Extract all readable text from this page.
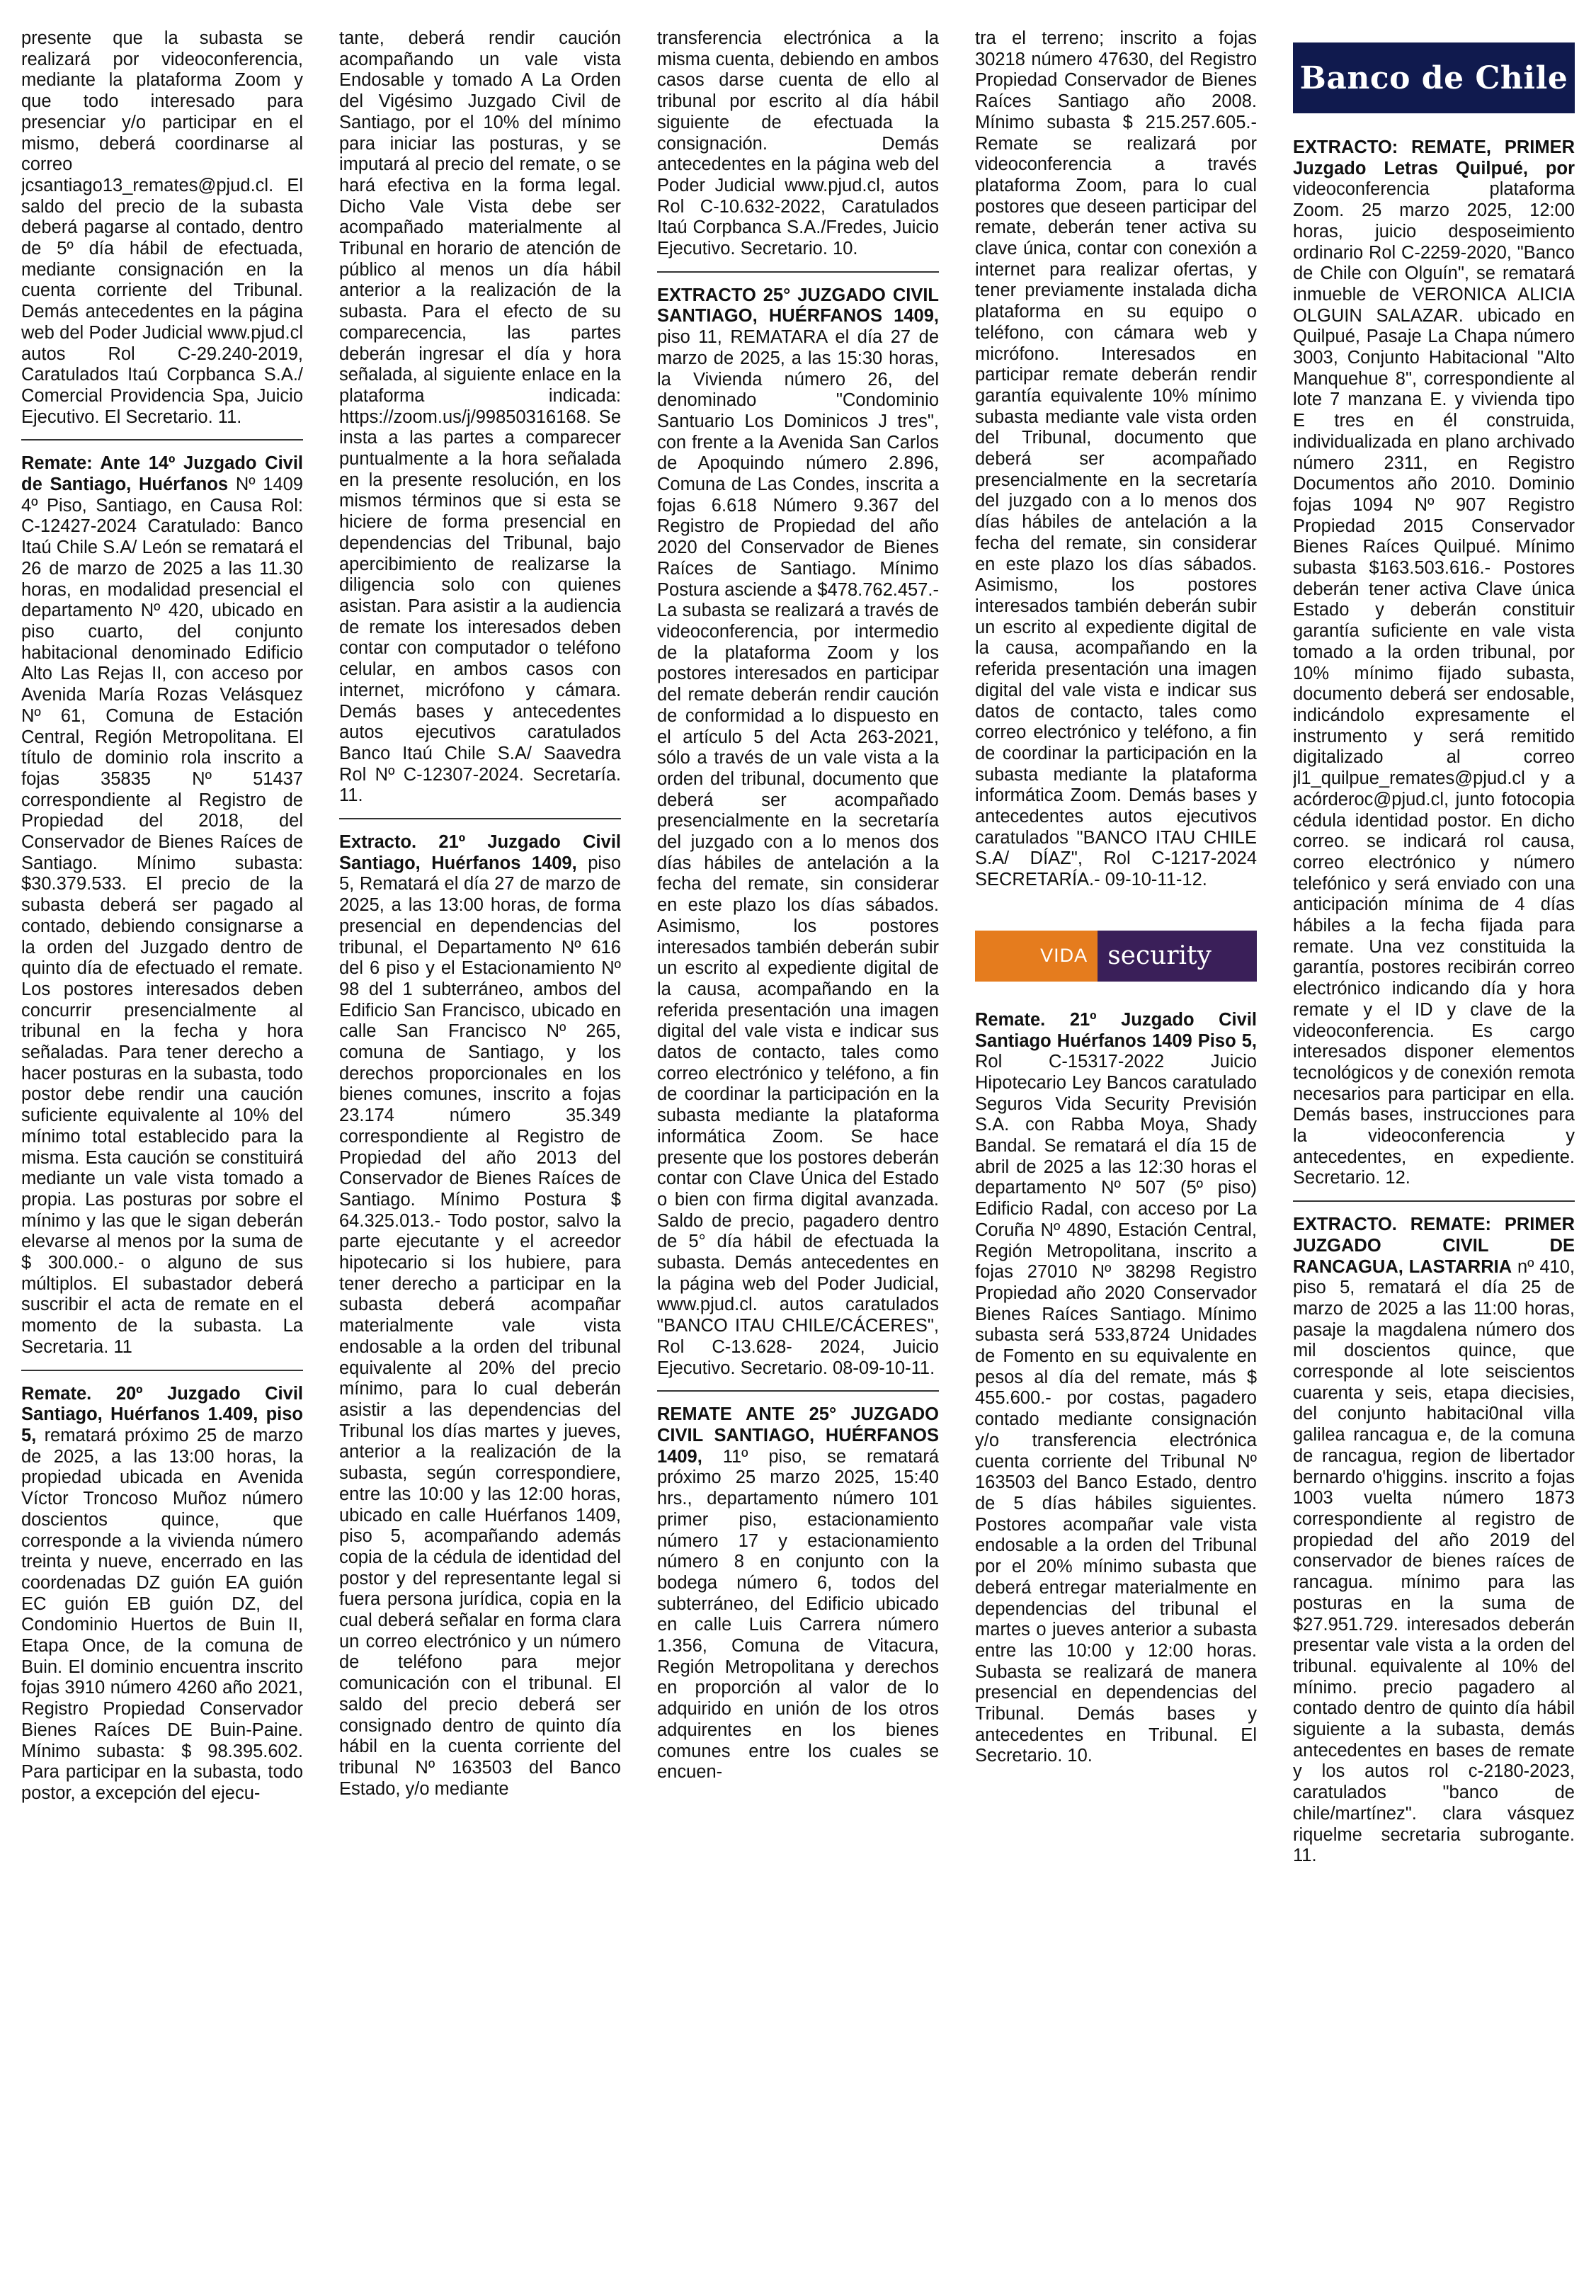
presente que la subasta se realizará por videoconferencia, mediante la plataforma Zoom y que todo interesado para presenciar y/o participar en el mismo, deberá coordinarse al correo jcsantiago13_remates@pjud.cl. El saldo del precio de la subasta deberá pagarse al contado, dentro de 5º día hábil de efectuada, mediante consignación en la cuenta corriente del Tribunal. Demás antecedentes en la página web del Poder Judicial www.pjud.cl autos Rol C-29.240-2019, Caratulados Itaú Corpbanca S.A./ Comercial Providencia Spa, Juicio Ejecutivo. El Secretario. 11.

Remate: Ante 14º Juzgado Civil de Santiago, Huérfanos Nº 1409 4º Piso, Santiago, en Causa Rol: C-12427-2024 Caratulado: Banco Itaú Chile S.A/ León se rematará el 26 de marzo de 2025 a las 11.30 horas, en modalidad presencial el departamento Nº 420, ubicado en piso cuarto, del conjunto habitacional denominado Edificio Alto Las Rejas II, con acceso por Avenida María Rozas Velásquez Nº 61, Comuna de Estación Central, Región Metropolitana. El título de dominio rola inscrito a fojas 35835 Nº 51437 correspondiente al Registro de Propiedad del 2018, del Conservador de Bienes Raíces de Santiago. Mínimo subasta: $30.379.533. El precio de la subasta deberá ser pagado al contado, debiendo consignarse a la orden del Juzgado dentro de quinto día de efectuado el remate. Los postores interesados deben concurrir presencialmente al tribunal en la fecha y hora señaladas. Para tener derecho a hacer posturas en la subasta, todo postor debe rendir una caución suficiente equivalente al 10% del mínimo total establecido para la misma. Esta caución se constituirá mediante un vale vista tomado a propia. Las posturas por sobre el mínimo y las que le sigan deberán elevarse al menos por la suma de $ 300.000.- o alguno de sus múltiplos. El subastador deberá suscribir el acta de remate en el momento de la subasta. La Secretaria. 11

Remate. 20º Juzgado Civil Santiago, Huérfanos 1.409, piso 5, rematará próximo 25 de marzo de 2025, a las 13:00 horas, la propiedad ubicada en Avenida Víctor Troncoso Muñoz número doscientos quince, que corresponde a la vivienda número treinta y nueve, encerrado en las coordenadas DZ guión EA guión EC guión EB guión DZ, del Condominio Huertos de Buin II, Etapa Once, de la comuna de Buin. El dominio encuentra inscrito fojas 3910 número 4260 año 2021, Registro Propiedad Conservador Bienes Raíces DE Buin-Paine. Mínimo subasta: $ 98.395.602. Para participar en la subasta, todo postor, a excepción del ejecu-

tante, deberá rendir caución acompañando un vale vista Endosable y tomado A La Orden del Vigésimo Juzgado Civil de Santiago, por el 10% del mínimo para iniciar las posturas, y se imputará al precio del remate, o se hará efectiva en la forma legal. Dicho Vale Vista debe ser acompañado materialmente al Tribunal en horario de atención de público al menos un día hábil anterior a la realización de la subasta. Para el efecto de su comparecencia, las partes deberán ingresar el día y hora señalada, al siguiente enlace en la plataforma indicada: https://zoom.us/j/99850316168. Se insta a las partes a comparecer puntualmente a la hora señalada en la presente resolución, en los mismos términos que si esta se hiciere de forma presencial en dependencias del Tribunal, bajo apercibimiento de realizarse la diligencia solo con quienes asistan. Para asistir a la audiencia de remate los interesados deben contar con computador o teléfono celular, en ambos casos con internet, micrófono y cámara. Demás bases y antecedentes autos ejecutivos caratulados Banco Itaú Chile S.A/ Saavedra Rol Nº C-12307-2024. Secretaría. 11.

Extracto. 21º Juzgado Civil Santiago, Huérfanos 1409, piso 5, Rematará el día 27 de marzo de 2025, a las 13:00 horas, de forma presencial en dependencias del tribunal, el Departamento Nº 616 del 6 piso y el Estacionamiento Nº 98 del 1 subterráneo, ambos del Edificio San Francisco, ubicado en calle San Francisco Nº 265, comuna de Santiago, y los derechos proporcionales en los bienes comunes, inscrito a fojas 23.174 número 35.349 correspondiente al Registro de Propiedad del año 2013 del Conservador de Bienes Raíces de Santiago. Mínimo Postura $ 64.325.013.- Todo postor, salvo la parte ejecutante y el acreedor hipotecario si los hubiere, para tener derecho a participar en la subasta deberá acompañar materialmente vale vista endosable a la orden del tribunal equivalente al 20% del precio mínimo, para lo cual deberán asistir a las dependencias del Tribunal los días martes y jueves, anterior a la realización de la subasta, según correspondiere, entre las 10:00 y las 12:00 horas, ubicado en calle Huérfanos 1409, piso 5, acompañando además copia de la cédula de identidad del postor y del representante legal si fuera persona jurídica, copia en la cual deberá señalar en forma clara un correo electrónico y un número de teléfono para mejor comunicación con el tribunal. El saldo del precio deberá ser consignado dentro de quinto día hábil en la cuenta corriente del tribunal Nº 163503 del Banco Estado, y/o mediante

transferencia electrónica a la misma cuenta, debiendo en ambos casos darse cuenta de ello al tribunal por escrito al día hábil siguiente de efectuada la consignación. Demás antecedentes en la página web del Poder Judicial www.pjud.cl, autos Rol C-10.632-2022, Caratulados Itaú Corpbanca S.A./Fredes, Juicio Ejecutivo. Secretario. 10.

EXTRACTO 25° JUZGADO CIVIL SANTIAGO, HUÉRFANOS 1409, piso 11, REMATARA el día 27 de marzo de 2025, a las 15:30 horas, la Vivienda número 26, del denominado "Condominio Santuario Los Dominicos J tres", con frente a la Avenida San Carlos de Apoquindo número 2.896, Comuna de Las Condes, inscrita a fojas 6.618 Número 9.367 del Registro de Propiedad del año 2020 del Conservador de Bienes Raíces de Santiago. Mínimo Postura asciende a $478.762.457.- La subasta se realizará a través de videoconferencia, por intermedio de la plataforma Zoom y los postores interesados en participar del remate deberán rendir caución de conformidad a lo dispuesto en el artículo 5 del Acta 263-2021, sólo a través de un vale vista a la orden del tribunal, documento que deberá ser acompañado presencialmente en la secretaría del juzgado con a lo menos dos días hábiles de antelación a la fecha del remate, sin considerar en este plazo los días sábados. Asimismo, los postores interesados también deberán subir un escrito al expediente digital de la causa, acompañando en la referida presentación una imagen digital del vale vista e indicar sus datos de contacto, tales como correo electrónico y teléfono, a fin de coordinar la participación en la subasta mediante la plataforma informática Zoom. Se hace presente que los postores deberán contar con Clave Única del Estado o bien con firma digital avanzada. Saldo de precio, pagadero dentro de 5° día hábil de efectuada la subasta. Demás antecedentes en la página web del Poder Judicial, www.pjud.cl. autos caratulados "BANCO ITAU CHILE/CÁCERES", Rol C-13.628- 2024, Juicio Ejecutivo. Secretario. 08-09-10-11.

REMATE ANTE 25° JUZGADO CIVIL SANTIAGO, HUÉRFANOS 1409, 11º piso, se rematará próximo 25 marzo 2025, 15:40 hrs., departamento número 101 primer piso, estacionamiento número 17 y estacionamiento número 8 en conjunto con la bodega número 6, todos del subterráneo, del Edificio ubicado en calle Luis Carrera número 1.356, Comuna de Vitacura, Región Metropolitana y derechos en proporción al valor de lo adquirido en unión de los otros adquirentes en los bienes comunes entre los cuales se encuen-

tra el terreno; inscrito a fojas 30218 número 47630, del Registro Propiedad Conservador de Bienes Raíces Santiago año 2008. Mínimo subasta $ 215.257.605.- Remate se realizará por videoconferencia a través plataforma Zoom, para lo cual postores que deseen participar del remate, deberán tener activa su clave única, contar con conexión a internet para realizar ofertas, y tener previamente instalada dicha plataforma en su equipo o teléfono, con cámara web y micrófono. Interesados en participar remate deberán rendir garantía equivalente 10% mínimo subasta mediante vale vista orden del Tribunal, documento que deberá ser acompañado presencialmente en la secretaría del juzgado con a lo menos dos días hábiles de antelación a la fecha del remate, sin considerar en este plazo los días sábados. Asimismo, los postores interesados también deberán subir un escrito al expediente digital de la causa, acompañando en la referida presentación una imagen digital del vale vista e indicar sus datos de contacto, tales como correo electrónico y teléfono, a fin de coordinar la participación en la subasta mediante la plataforma informática Zoom. Demás bases y antecedentes autos ejecutivos caratulados "BANCO ITAU CHILE S.A/ DÍAZ", Rol C-1217-2024 SECRETARÍA.- 09-10-11-12.

VIDA security

Remate. 21º Juzgado Civil Santiago Huérfanos 1409 Piso 5, Rol C-15317-2022 Juicio Hipotecario Ley Bancos caratulado Seguros Vida Security Previsión S.A. con Rabba Moya, Shady Bandal. Se rematará el día 15 de abril de 2025 a las 12:30 horas el departamento Nº 507 (5º piso) Edificio Radal, con acceso por La Coruña Nº 4890, Estación Central, Región Metropolitana, inscrito a fojas 27010 Nº 38298 Registro Propiedad año 2020 Conservador Bienes Raíces Santiago. Mínimo subasta será 533,8724 Unidades de Fomento en su equivalente en pesos al día del remate, más $ 455.600.- por costas, pagadero contado mediante consignación y/o transferencia electrónica cuenta corriente del Tribunal Nº 163503 del Banco Estado, dentro de 5 días hábiles siguientes. Postores acompañar vale vista endosable a la orden del Tribunal por el 20% mínimo subasta que deberá entregar materialmente en dependencias del tribunal el martes o jueves anterior a subasta entre las 10:00 y 12:00 horas. Subasta se realizará de manera presencial en dependencias del Tribunal. Demás bases y antecedentes en Tribunal. El Secretario. 10.

Banco de Chile

EXTRACTO: REMATE, PRIMER Juzgado Letras Quilpué, por videoconferencia plataforma Zoom. 25 marzo 2025, 12:00 horas, juicio desposeimiento ordinario Rol C-2259-2020, "Banco de Chile con Olguín", se rematará inmueble de VERONICA ALICIA OLGUIN SALAZAR. ubicado en Quilpué, Pasaje La Chapa número 3003, Conjunto Habitacional "Alto Manquehue 8", correspondiente al lote 7 manzana E. y vivienda tipo E tres en él construida, individualizada en plano archivado número 2311, en Registro Documentos año 2010. Dominio fojas 1094 Nº 907 Registro Propiedad 2015 Conservador Bienes Raíces Quilpué. Mínimo subasta $163.503.616.- Postores deberán tener activa Clave única Estado y deberán constituir garantía suficiente en vale vista tomado a la orden tribunal, por 10% mínimo fijado subasta, documento deberá ser endosable, indicándolo expresamente el instrumento y será remitido digitalizado al correo jl1_quilpue_remates@pjud.cl y a acórderoc@pjud.cl, junto fotocopia cédula identidad postor. En dicho correo. se indicará rol causa, correo electrónico y número telefónico y será enviado con una anticipación mínima de 4 días hábiles a la fecha fijada para remate. Una vez constituida la garantía, postores recibirán correo electrónico indicando día y hora remate y el ID y clave de la videoconferencia. Es cargo interesados disponer elementos tecnológicos y de conexión remota necesarios para participar en ella. Demás bases, instrucciones para la videoconferencia y antecedentes, en expediente. Secretario. 12.

EXTRACTO. REMATE: PRIMER JUZGADO CIVIL DE RANCAGUA, LASTARRIA nº 410, piso 5, rematará el día 25 de marzo de 2025 a las 11:00 horas, pasaje la magdalena número dos mil doscientos quince, que corresponde al lote seiscientos cuarenta y seis, etapa diecisies, del conjunto habitaci0nal villa galilea rancagua e, de la comuna de rancagua, region de libertador bernardo o'higgins. inscrito a fojas 1003 vuelta número 1873 correspondiente al registro de propiedad del año 2019 del conservador de bienes raíces de rancagua. mínimo para las posturas en la suma de $27.951.729. interesados deberán presentar vale vista a la orden del tribunal. equivalente al 10% del mínimo. precio pagadero al contado dentro de quinto día hábil siguiente a la subasta, demás antecedentes en bases de remate y los autos rol c-2180-2023, caratulados "banco de chile/martínez". clara vásquez riquelme secretaria subrogante. 11.
